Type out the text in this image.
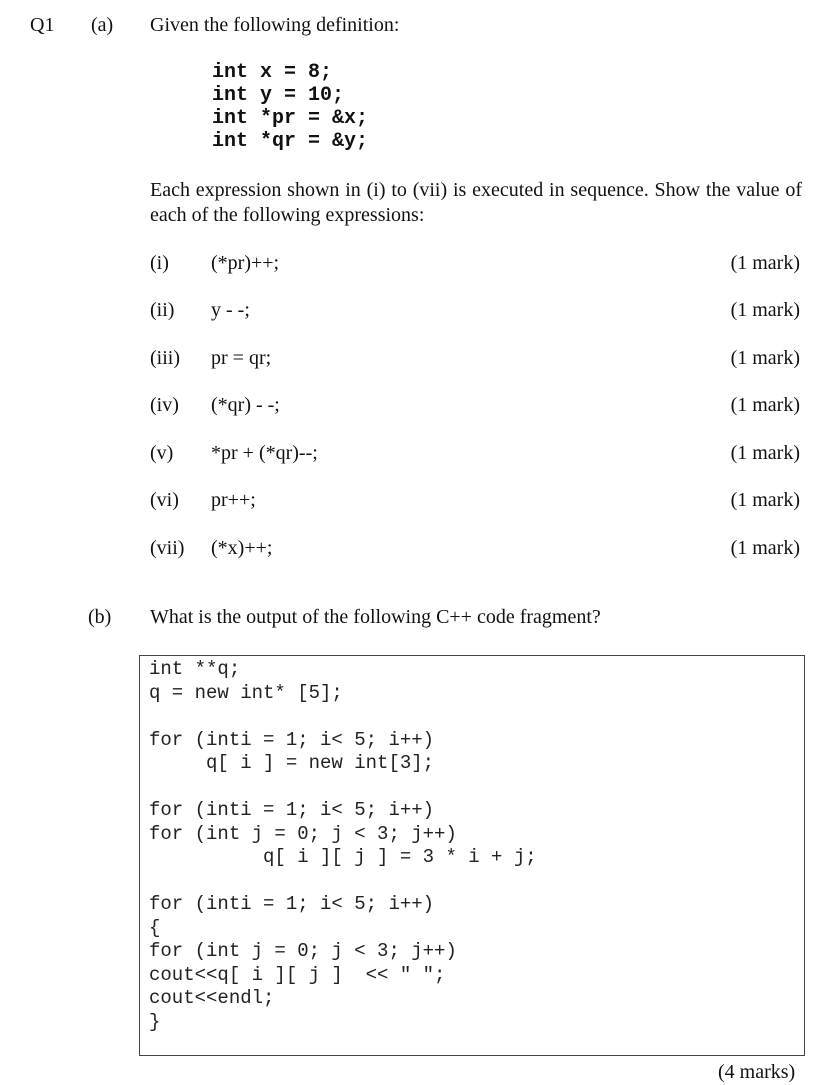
Q1 (a) Given the following definition:
int x = 8;
int y = 10;
int *pr = &x;
int *qr = &y;
Each expression shown in (i) to (vii) is executed in sequence. Show the value of each of the following expressions:
(i) (*pr)++;	(1 mark)
(ii) y - -;	(1 mark)
(iii) pr = qr;	(1 mark)
(iv) (*qr) - -;	(1 mark)
(v) *pr + (*qr)--;	(1 mark)
(vi) pr++;	(1 mark)
(vii) (*x)++;	(1 mark)
(b) What is the output of the following C++ code fragment?
int **q;
q = new int* [5];
for (inti = 1; i< 5; i++)
q[ i ] = new int[3];
for (inti = 1; i< 5; i++)
for (int j = 0; j < 3; j++)
q[ i ][ j ] = 3 * i + j;
for (inti = 1; i< 5; i++)
{
for (int j = 0; j < 3; j++)
cout<<q[ i ][ j ]  << " ";
cout<<endl;
}
(4 marks)
